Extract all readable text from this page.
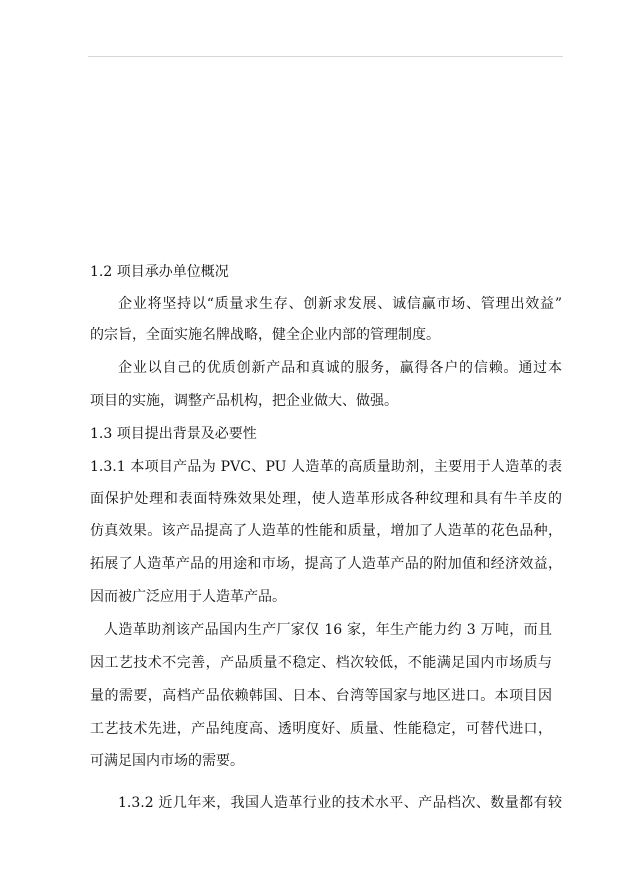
1.2 项目承办单位概况
企业将坚持以“质量求生存、创新求发展、诚信赢市场、管理出效益”
的宗旨，全面实施名牌战略，健全企业内部的管理制度。
企业以自己的优质创新产品和真诚的服务，赢得各户的信赖。通过本
项目的实施，调整产品机构，把企业做大、做强。
1.3 项目提出背景及必要性
1.3.1 本项目产品为 PVC、PU 人造革的高质量助剂，主要用于人造革的表
面保护处理和表面特殊效果处理，使人造革形成各种纹理和具有牛羊皮的
仿真效果。该产品提高了人造革的性能和质量，增加了人造革的花色品种，
拓展了人造革产品的用途和市场，提高了人造革产品的附加值和经济效益，
因而被广泛应用于人造革产品。
人造革助剂该产品国内生产厂家仅 16 家，年生产能力约 3 万吨，而且
因工艺技术不完善，产品质量不稳定、档次较低，不能满足国内市场质与
量的需要，高档产品依赖韩国、日本、台湾等国家与地区进口。本项目因
工艺技术先进，产品纯度高、透明度好、质量、性能稳定，可替代进口，
可满足国内市场的需要。
1.3.2 近几年来，我国人造革行业的技术水平、产品档次、数量都有较
